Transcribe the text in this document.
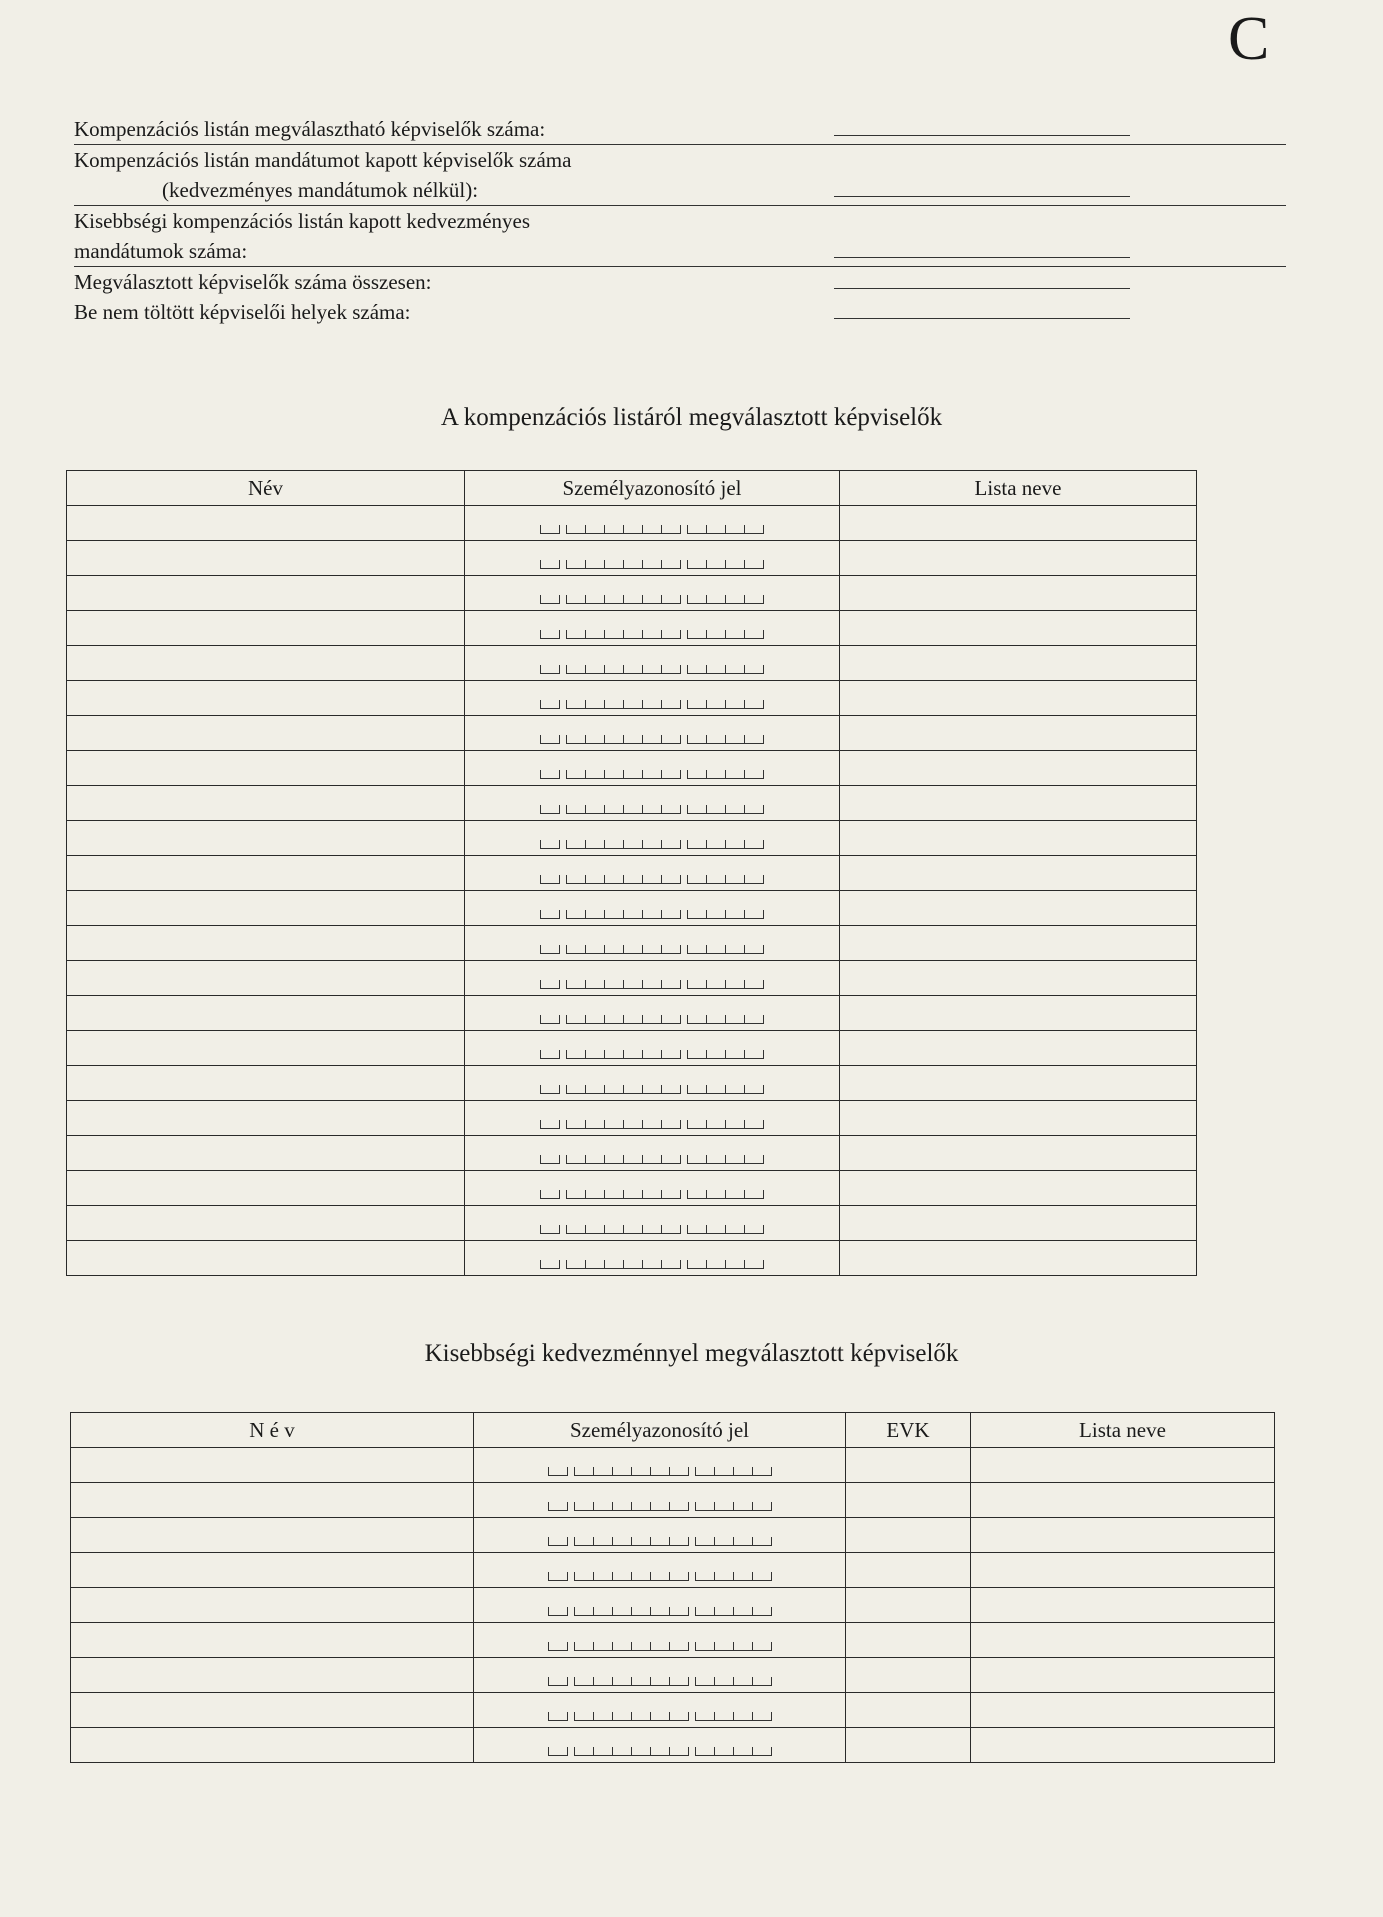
C
Kompenzációs listán megválasztható képviselők száma:
Kompenzációs listán mandátumot kapott képviselők száma
(kedvezményes mandátumok nélkül):
Kisebbségi kompenzációs listán kapott kedvezményes
mandátumok száma:
Megválasztott képviselők száma összesen:
Be nem töltött képviselői helyek száma:
A kompenzációs listáról megválasztott képviselők
Név	Személyazonosító jel	Lista neve

Kisebbségi kedvezménnyel megválasztott képviselők
N é v	Személyazonosító jel	EVK	Lista neve
